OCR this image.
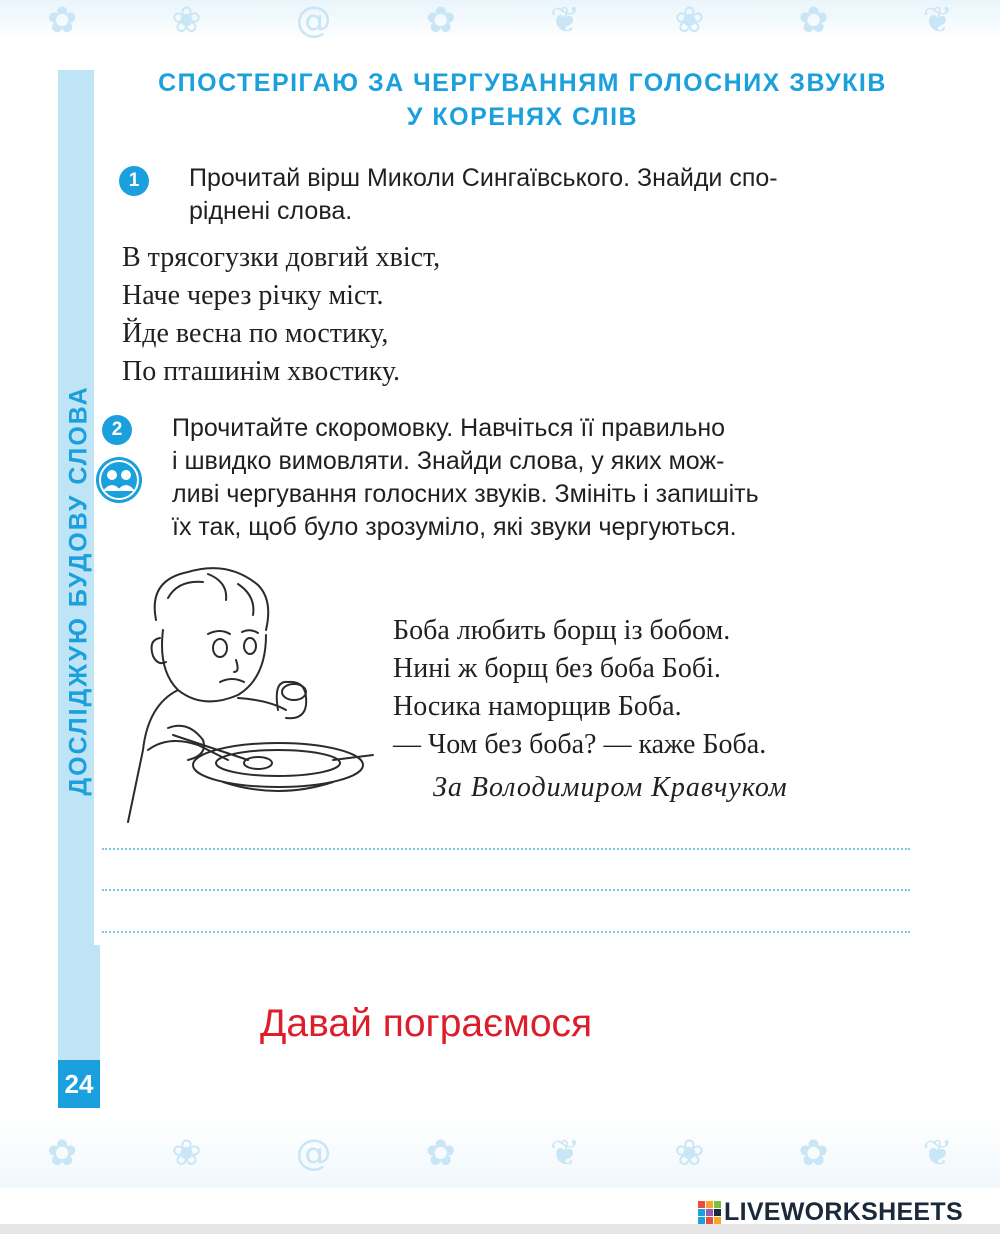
✿	❀	@	✿	❦	❀	✿	❦
✿	❀	@	✿	❦	❀	✿	❦
ДОСЛІДЖУЮ БУДОВУ СЛОВА
24
СПОСТЕРІГАЮ ЗА ЧЕРГУВАННЯМ ГОЛОСНИХ ЗВУКІВ
У КОРЕНЯХ СЛІВ
1	Прочитай вірш Миколи Сингаївського. Знайди спо-
ріднені слова.
В трясогузки довгий хвіст,
Наче через річку міст.
Йде весна по мостику,
По пташинім хвостику.
2	Прочитайте скоромовку. Навчіться її правильно
і швидко вимовляти. Знайди слова, у яких мож-
ливі чергування голосних звуків. Змініть і запишіть
їх так, щоб було зрозуміло, які звуки чергуються.
Боба любить борщ із бобом.
Нині ж борщ без боба Бобі.
Носика наморщив Боба.
— Чом без боба? — каже Боба.
За Володимиром Кравчуком
Давай пограємося
LIVEWORKSHEETS
